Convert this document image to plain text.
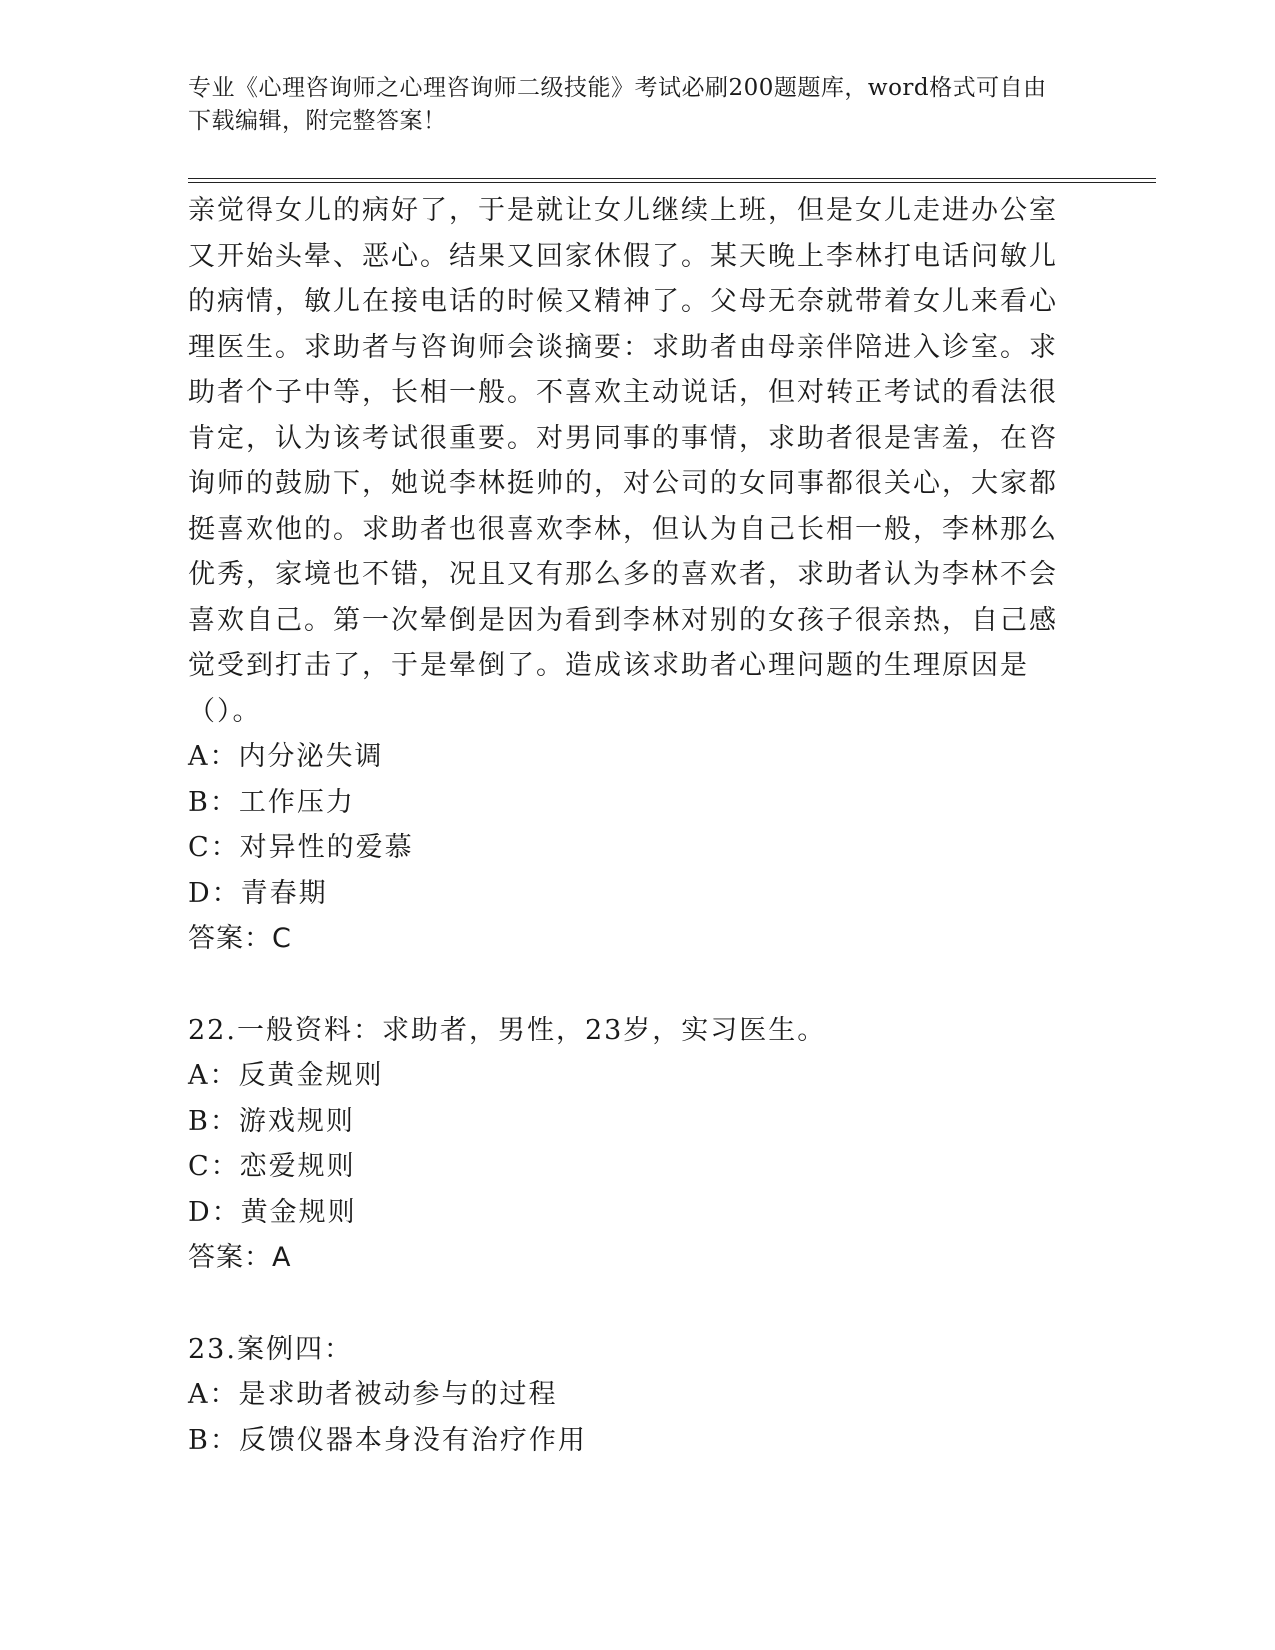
专业《心理咨询师之心理咨询师二级技能》考试必刷200题题库，word格式可自由下载编辑，附完整答案！

亲觉得女儿的病好了，于是就让女儿继续上班，但是女儿走进办公室又开始头晕、恶心。结果又回家休假了。某天晚上李林打电话问敏儿的病情，敏儿在接电话的时候又精神了。父母无奈就带着女儿来看心理医生。求助者与咨询师会谈摘要：求助者由母亲伴陪进入诊室。求助者个子中等，长相一般。不喜欢主动说话，但对转正考试的看法很肯定，认为该考试很重要。对男同事的事情，求助者很是害羞，在咨询师的鼓励下，她说李林挺帅的，对公司的女同事都很关心，大家都挺喜欢他的。求助者也很喜欢李林，但认为自己长相一般，李林那么优秀，家境也不错，况且又有那么多的喜欢者，求助者认为李林不会喜欢自己。第一次晕倒是因为看到李林对别的女孩子很亲热，自己感觉受到打击了，于是晕倒了。造成该求助者心理问题的生理原因是（）。

A：内分泌失调

B：工作压力

C：对异性的爱慕

D：青春期

答案：C

22.一般资料：求助者，男性，23岁，实习医生。

A：反黄金规则

B：游戏规则

C：恋爱规则

D：黄金规则

答案：A

23.案例四：

A：是求助者被动参与的过程

B：反馈仪器本身没有治疗作用
